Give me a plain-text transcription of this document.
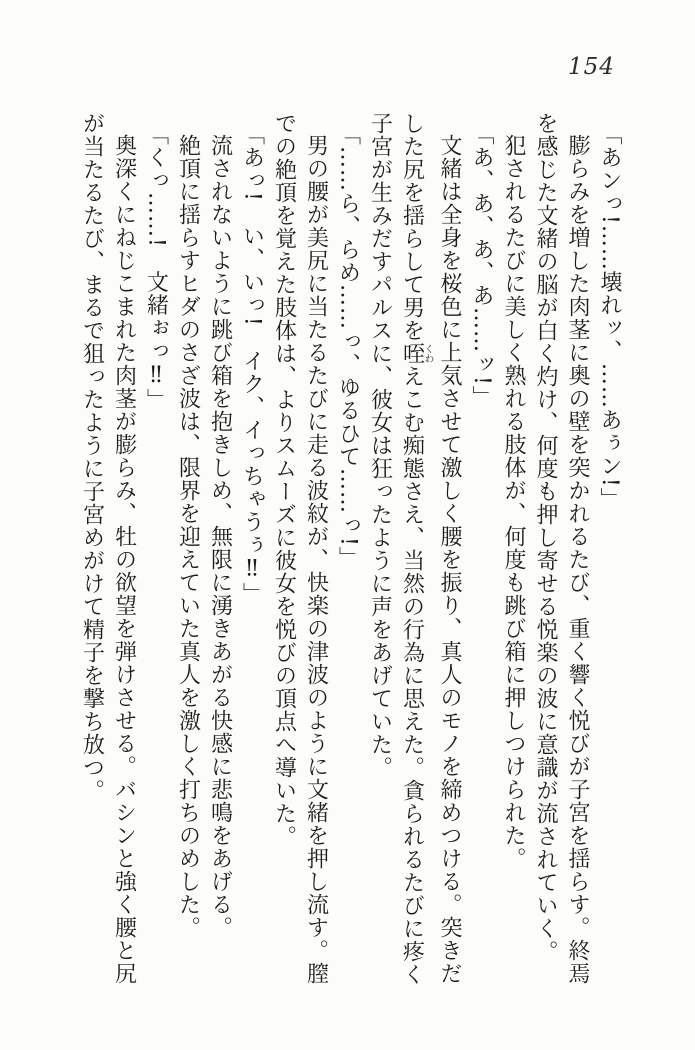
154
「あンっ!……壊れッ、……あぅン!」
膨らみを増した肉茎に奥の壁を突かれるたび、重く響く悦びが子宮を揺らす。終焉
を感じた文緒の脳が白く灼け、何度も押し寄せる悦楽の波に意識が流されていく。
犯されるたびに美しく熟れる肢体が、何度も跳び箱に押しつけられた。
「あ、あ、あ、あ……ッ!」
文緒は全身を桜色に上気させて激しく腰を振り、真人のモノを締めつける。突きだ
した尻を揺らして男を咥くわえこむ痴態さえ、当然の行為に思えた。貪られるたびに疼く
子宮が生みだすパルスに、彼女は狂ったように声をあげていた。
「……ら、らめ……っ、ゆるひて……っ!」
男の腰が美尻に当たるたびに走る波紋が、快楽の津波のように文緒を押し流す。膣
での絶頂を覚えた肢体は、よりスムーズに彼女を悦びの頂点へ導いた。
「あっ!　い、いっ!　イク、イっちゃうぅ‼」
流されないように跳び箱を抱きしめ、無限に湧きあがる快感に悲鳴をあげる。
絶頂に揺らすヒダのさざ波は、限界を迎えていた真人を激しく打ちのめした。
「くっ……!　文緒ぉっ‼」
奥深くにねじこまれた肉茎が膨らみ、牡の欲望を弾けさせる。バシンと強く腰と尻
が当たるたび、まるで狙ったように子宮めがけて精子を撃ち放つ。
